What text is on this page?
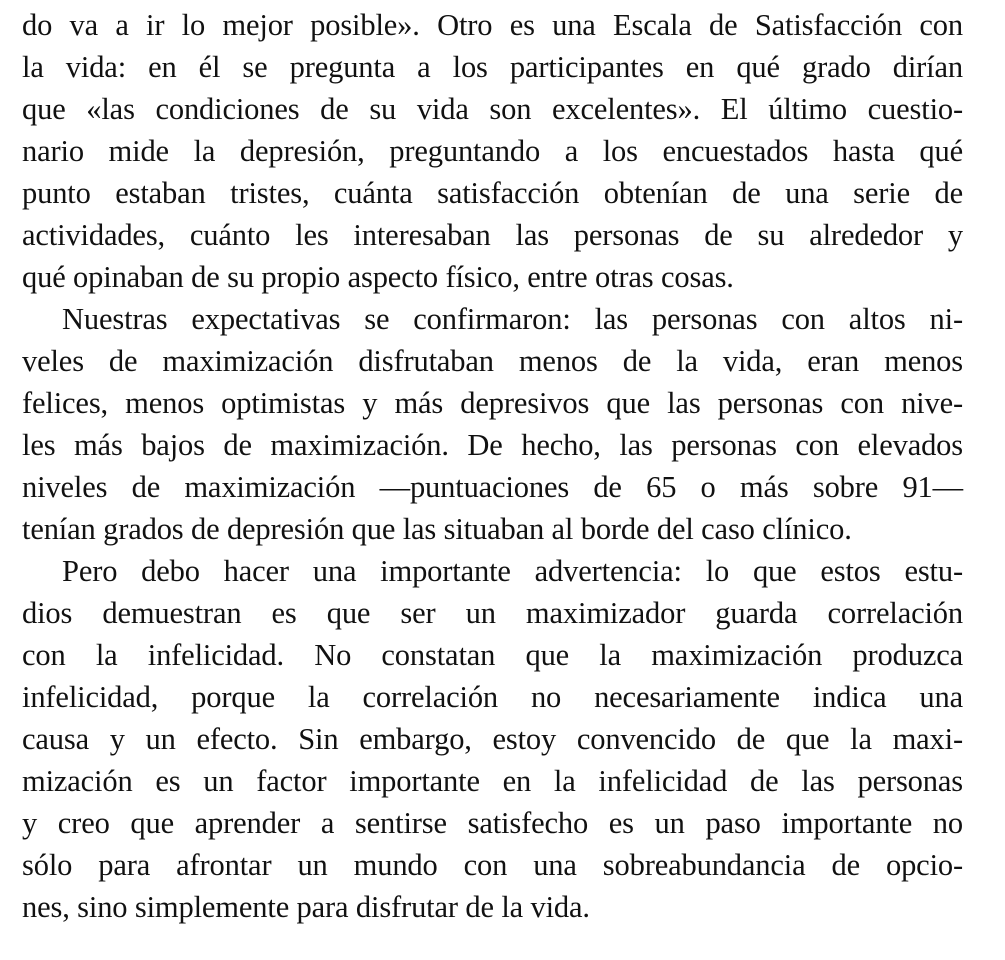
do va a ir lo mejor posible». Otro es una Escala de Satisfacción con
la vida: en él se pregunta a los participantes en qué grado dirían
que «las condiciones de su vida son excelentes». El último cuestio-
nario mide la depresión, preguntando a los encuestados hasta qué
punto estaban tristes, cuánta satisfacción obtenían de una serie de
actividades, cuánto les interesaban las personas de su alrededor y
qué opinaban de su propio aspecto físico, entre otras cosas.
Nuestras expectativas se confirmaron: las personas con altos ni-
veles de maximización disfrutaban menos de la vida, eran menos
felices, menos optimistas y más depresivos que las personas con nive-
les más bajos de maximización. De hecho, las personas con elevados
niveles de maximización —puntuaciones de 65 o más sobre 91—
tenían grados de depresión que las situaban al borde del caso clínico.
Pero debo hacer una importante advertencia: lo que estos estu-
dios demuestran es que ser un maximizador guarda correlación
con la infelicidad. No constatan que la maximización produzca
infelicidad, porque la correlación no necesariamente indica una
causa y un efecto. Sin embargo, estoy convencido de que la maxi-
mización es un factor importante en la infelicidad de las personas
y creo que aprender a sentirse satisfecho es un paso importante no
sólo para afrontar un mundo con una sobreabundancia de opcio-
nes, sino simplemente para disfrutar de la vida.
